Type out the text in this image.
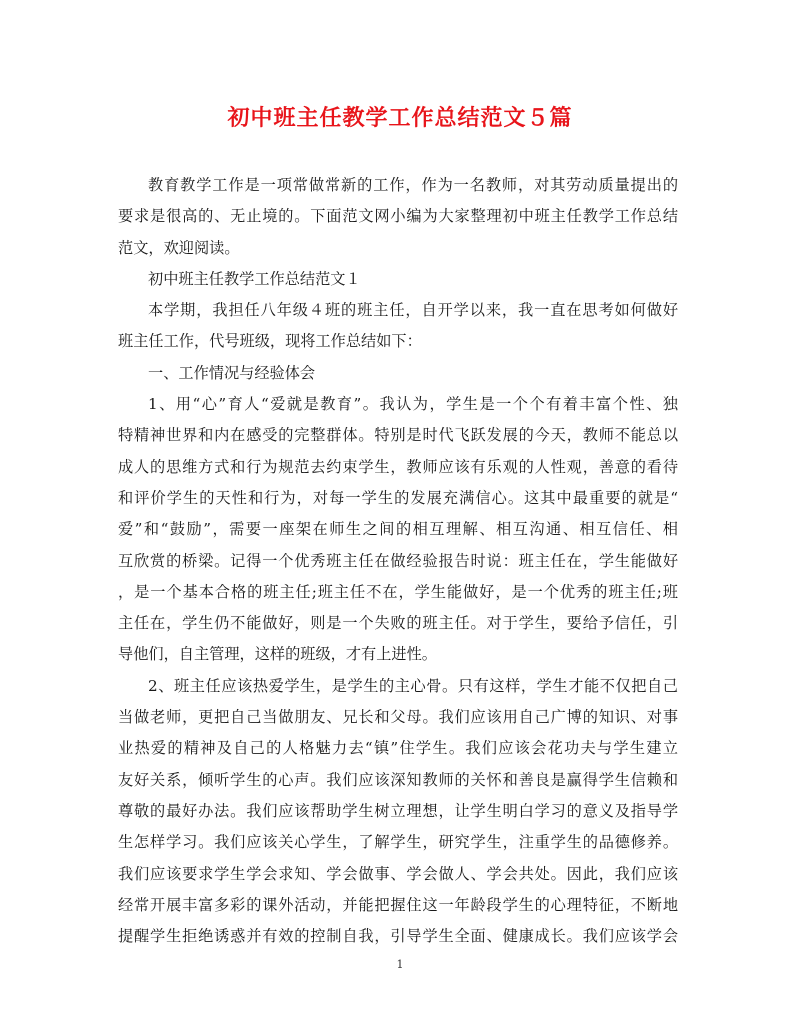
初中班主任教学工作总结范文５篇
教育教学工作是一项常做常新的工作，作为一名教师，对其劳动质量提出的
要求是很高的、无止境的。下面范文网小编为大家整理初中班主任教学工作总结
范文，欢迎阅读。
初中班主任教学工作总结范文１
本学期，我担任八年级４班的班主任，自开学以来，我一直在思考如何做好
班主任工作，代号班级，现将工作总结如下：
一、工作情况与经验体会
1、用“心”育人“爱就是教育”。我认为，学生是一个个有着丰富个性、独
特精神世界和内在感受的完整群体。特别是时代飞跃发展的今天，教师不能总以
成人的思维方式和行为规范去约束学生，教师应该有乐观的人性观，善意的看待
和评价学生的天性和行为，对每一学生的发展充满信心。这其中最重要的就是“
爱”和“鼓励”，需要一座架在师生之间的相互理解、相互沟通、相互信任、相
互欣赏的桥梁。记得一个优秀班主任在做经验报告时说：班主任在，学生能做好
，是一个基本合格的班主任;班主任不在，学生能做好，是一个优秀的班主任;班
主任在，学生仍不能做好，则是一个失败的班主任。对于学生，要给予信任，引
导他们，自主管理，这样的班级，才有上进性。
2、班主任应该热爱学生，是学生的主心骨。只有这样，学生才能不仅把自己
当做老师，更把自己当做朋友、兄长和父母。我们应该用自己广博的知识、对事
业热爱的精神及自己的人格魅力去“镇”住学生。我们应该会花功夫与学生建立
友好关系，倾听学生的心声。我们应该深知教师的关怀和善良是赢得学生信赖和
尊敬的最好办法。我们应该帮助学生树立理想，让学生明白学习的意义及指导学
生怎样学习。我们应该关心学生，了解学生，研究学生，注重学生的品德修养。
我们应该要求学生学会求知、学会做事、学会做人、学会共处。因此，我们应该
经常开展丰富多彩的课外活动，并能把握住这一年龄段学生的心理特征，不断地
提醒学生拒绝诱惑并有效的控制自我，引导学生全面、健康成长。我们应该学会
1
